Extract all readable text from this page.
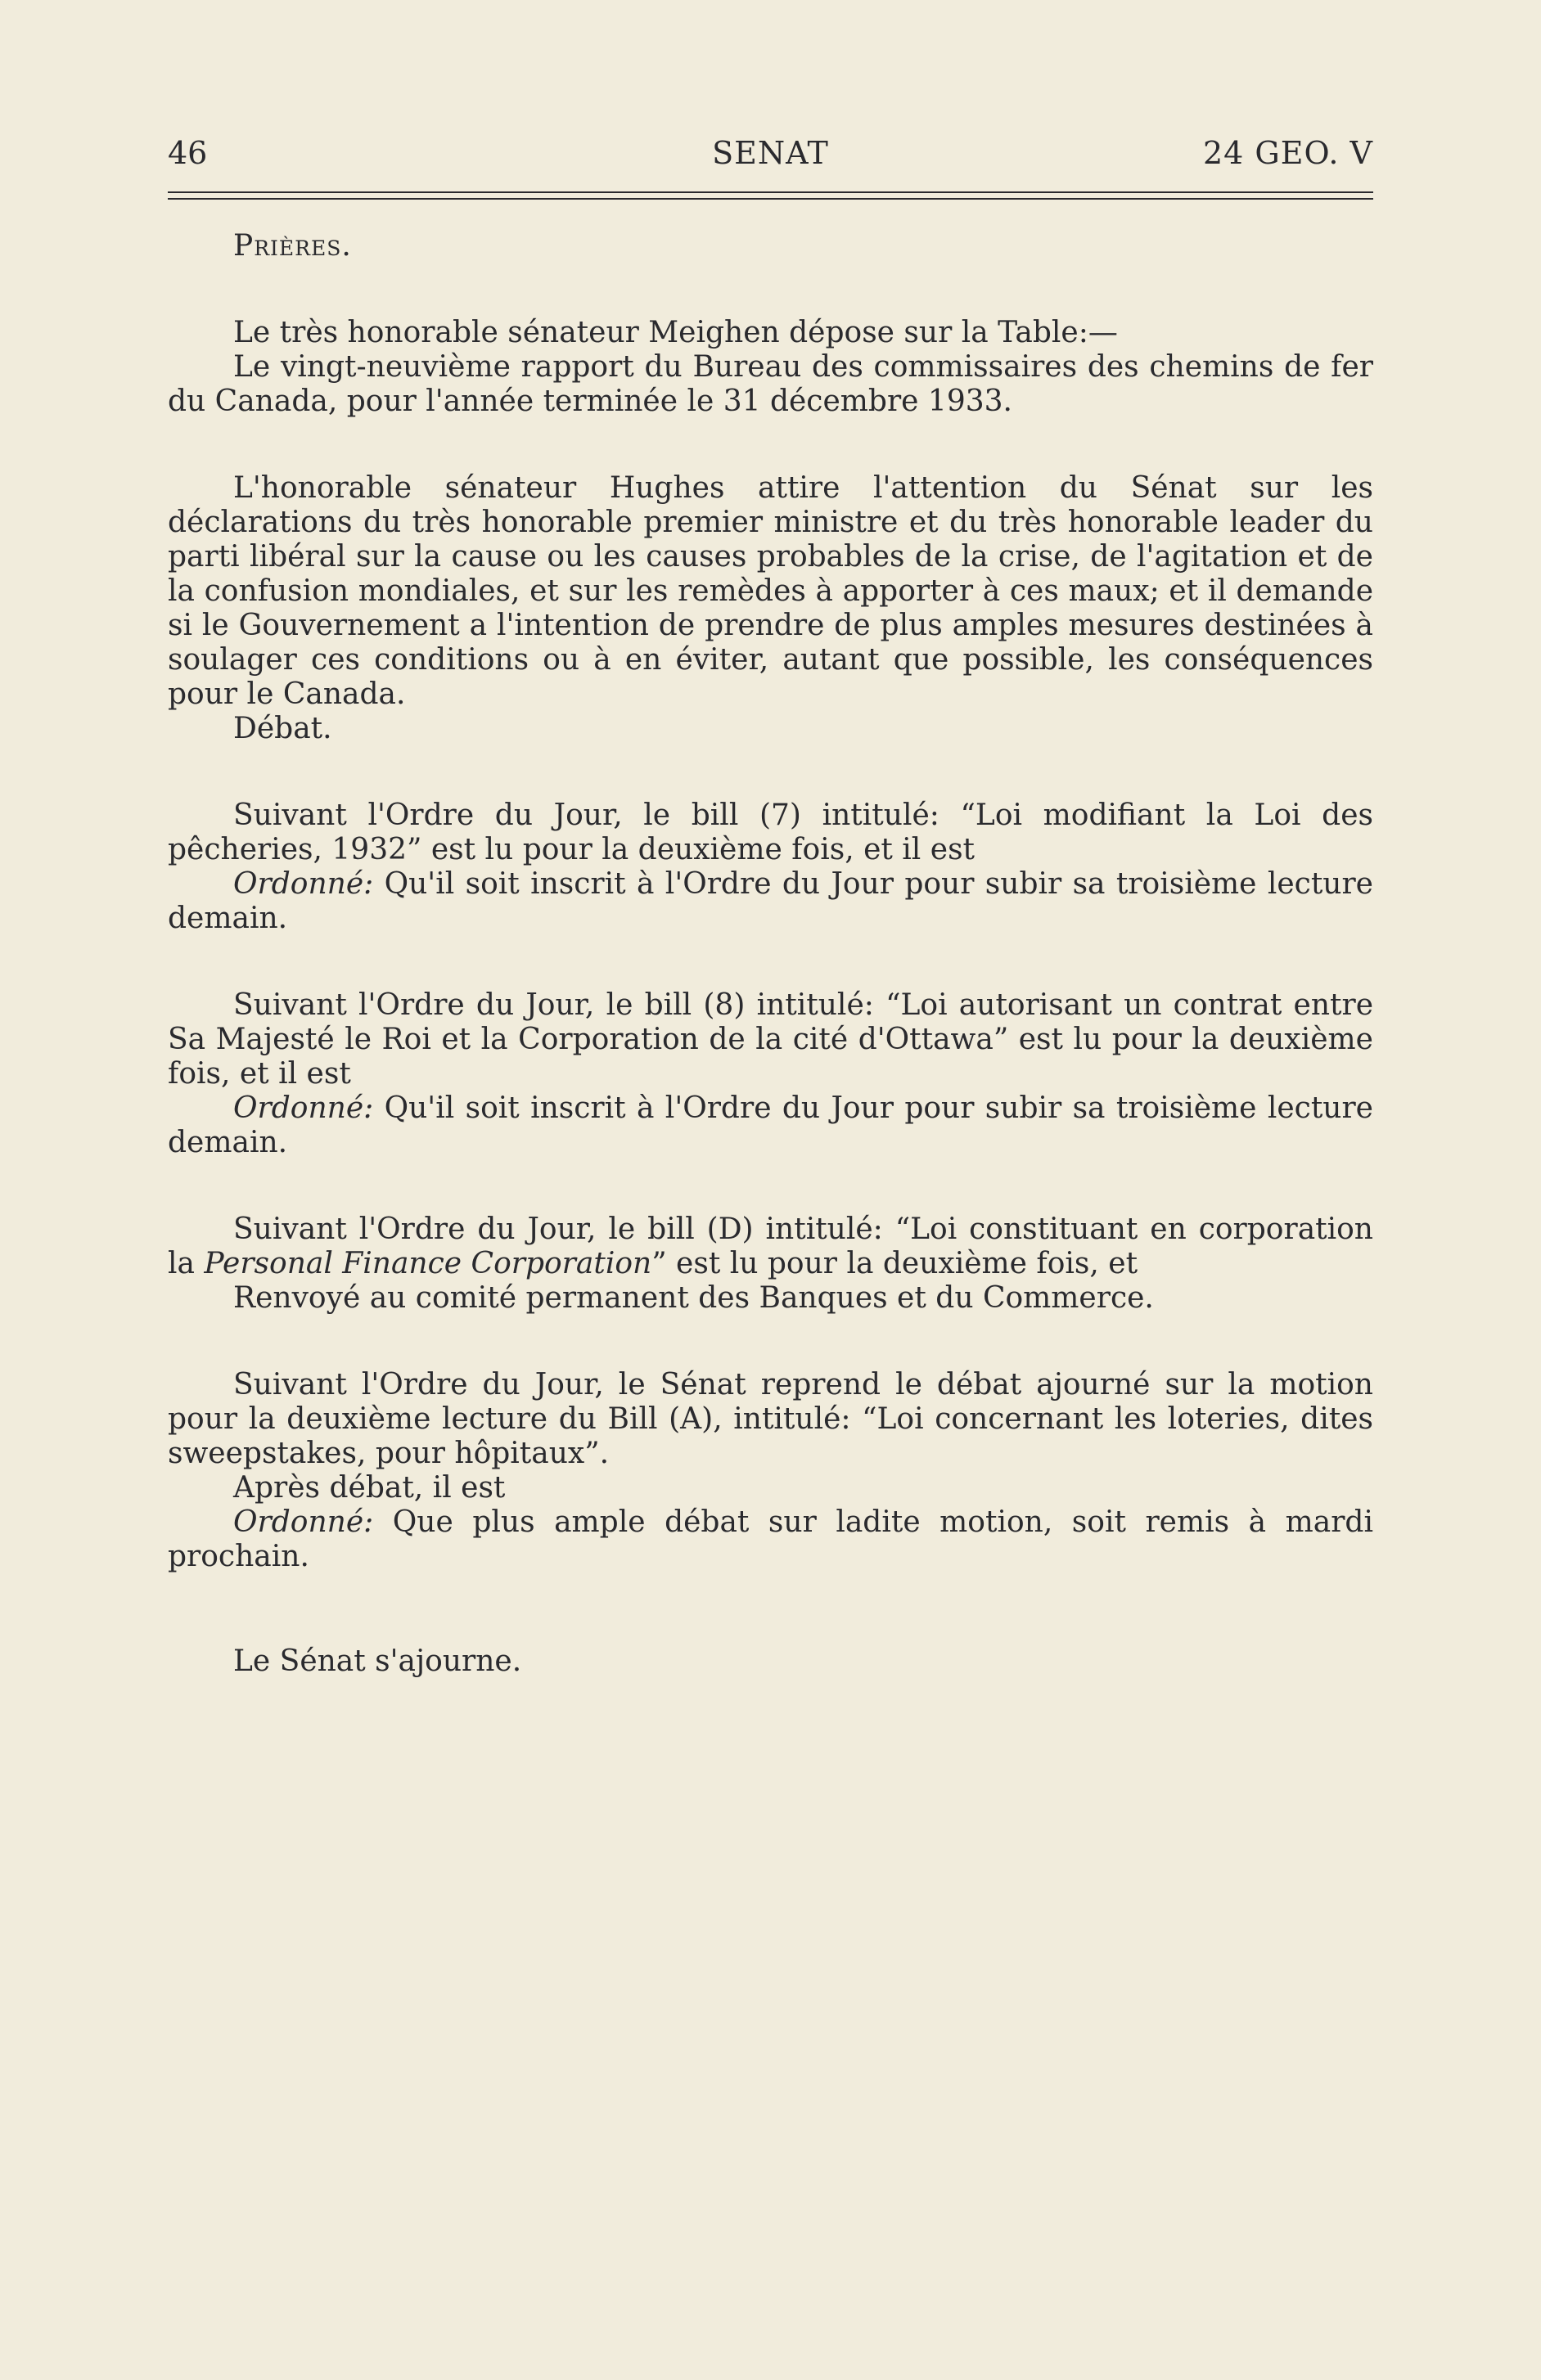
46	SENAT	24 GEO. V

Prières.

Le très honorable sénateur Meighen dépose sur la Table:—

Le vingt-neuvième rapport du Bureau des commissaires des chemins de fer du Canada, pour l'année terminée le 31 décembre 1933.

L'honorable sénateur Hughes attire l'attention du Sénat sur les déclarations du très honorable premier ministre et du très honorable leader du parti libéral sur la cause ou les causes probables de la crise, de l'agitation et de la confusion mondiales, et sur les remèdes à apporter à ces maux; et il demande si le Gouvernement a l'intention de prendre de plus amples mesures destinées à soulager ces conditions ou à en éviter, autant que possible, les conséquences pour le Canada.

Débat.

Suivant l'Ordre du Jour, le bill (7) intitulé: “Loi modifiant la Loi des pêcheries, 1932” est lu pour la deuxième fois, et il est

Ordonné: Qu'il soit inscrit à l'Ordre du Jour pour subir sa troisième lecture demain.

Suivant l'Ordre du Jour, le bill (8) intitulé: “Loi autorisant un contrat entre Sa Majesté le Roi et la Corporation de la cité d'Ottawa” est lu pour la deuxième fois, et il est

Ordonné: Qu'il soit inscrit à l'Ordre du Jour pour subir sa troisième lecture demain.

Suivant l'Ordre du Jour, le bill (D) intitulé: “Loi constituant en corporation la Personal Finance Corporation” est lu pour la deuxième fois, et

Renvoyé au comité permanent des Banques et du Commerce.

Suivant l'Ordre du Jour, le Sénat reprend le débat ajourné sur la motion pour la deuxième lecture du Bill (A), intitulé: “Loi concernant les loteries, dites sweepstakes, pour hôpitaux”.

Après débat, il est

Ordonné: Que plus ample débat sur ladite motion, soit remis à mardi prochain.

Le Sénat s'ajourne.
